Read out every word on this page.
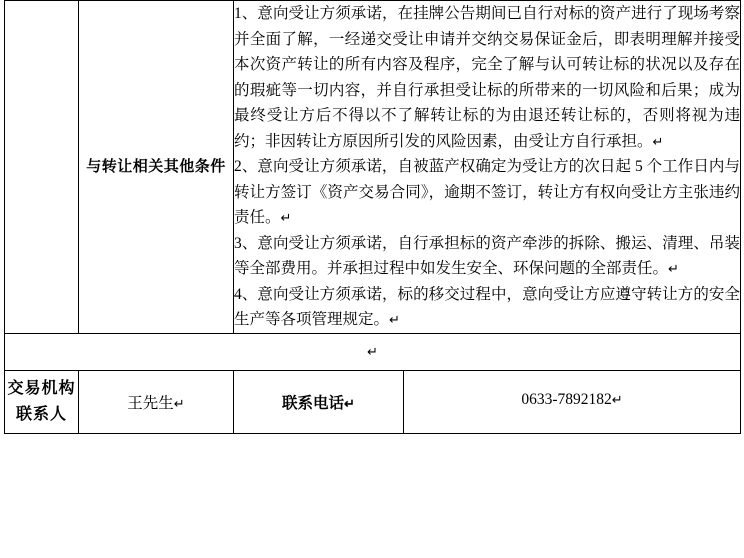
	与转让相关其他条件	1、意向受让方须承诺，在挂牌公告期间已自行对标的资产进行了现场考察并全面了解，一经递交受让申请并交纳交易保证金后，即表明理解并接受本次资产转让的所有内容及程序，完全了解与认可转让标的状况以及存在的瑕疵等一切内容，并自行承担受让标的所带来的一切风险和后果；成为最终受让方后不得以不了解转让标的为由退还转让标的，否则将视为违约；非因转让方原因所引发的风险因素，由受让方自行承担。↵

2、意向受让方须承诺，自被蓝产权确定为受让方的次日起 5 个工作日内与转让方签订《资产交易合同》，逾期不签订，转让方有权向受让方主张违约责任。↵

3、意向受让方须承诺，自行承担标的资产牵涉的拆除、搬运、清理、吊装等全部费用。并承担过程中如发生安全、环保问题的全部责任。↵

4、意向受让方须承诺，标的移交过程中，意向受让方应遵守转让方的安全生产等各项管理规定。↵

↵		
交易机构联系人	王先生↵ 联系电话↵ 0633-7892182↵	
